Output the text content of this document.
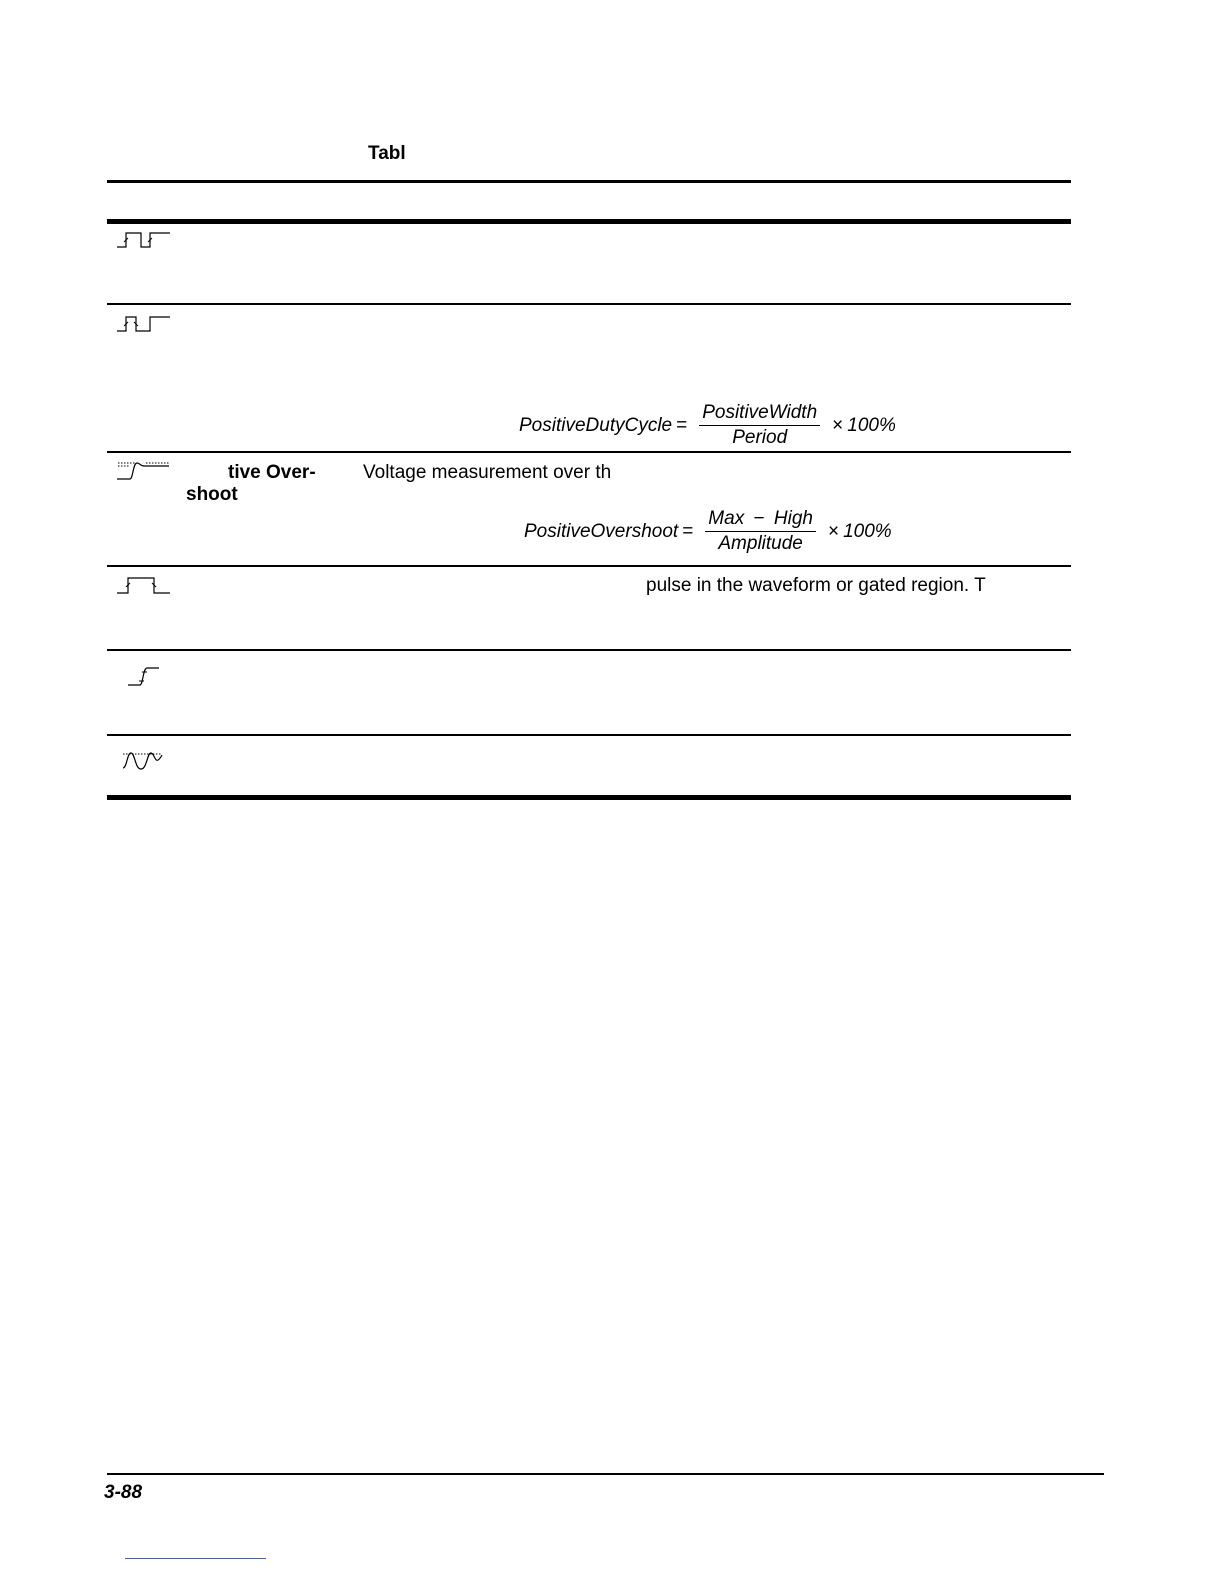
Tabl
PositiveDutyCycle = $\frac{\text{PositiveWidth}}{\text{Period}} \times 100\%$
tive Over-
shoot
Voltage measurement over th
PositiveOvershoot = $\frac{\text{Max − High}}{\text{Amplitude}} \times 100\%$
pulse in the waveform or gated region. T
3-88
